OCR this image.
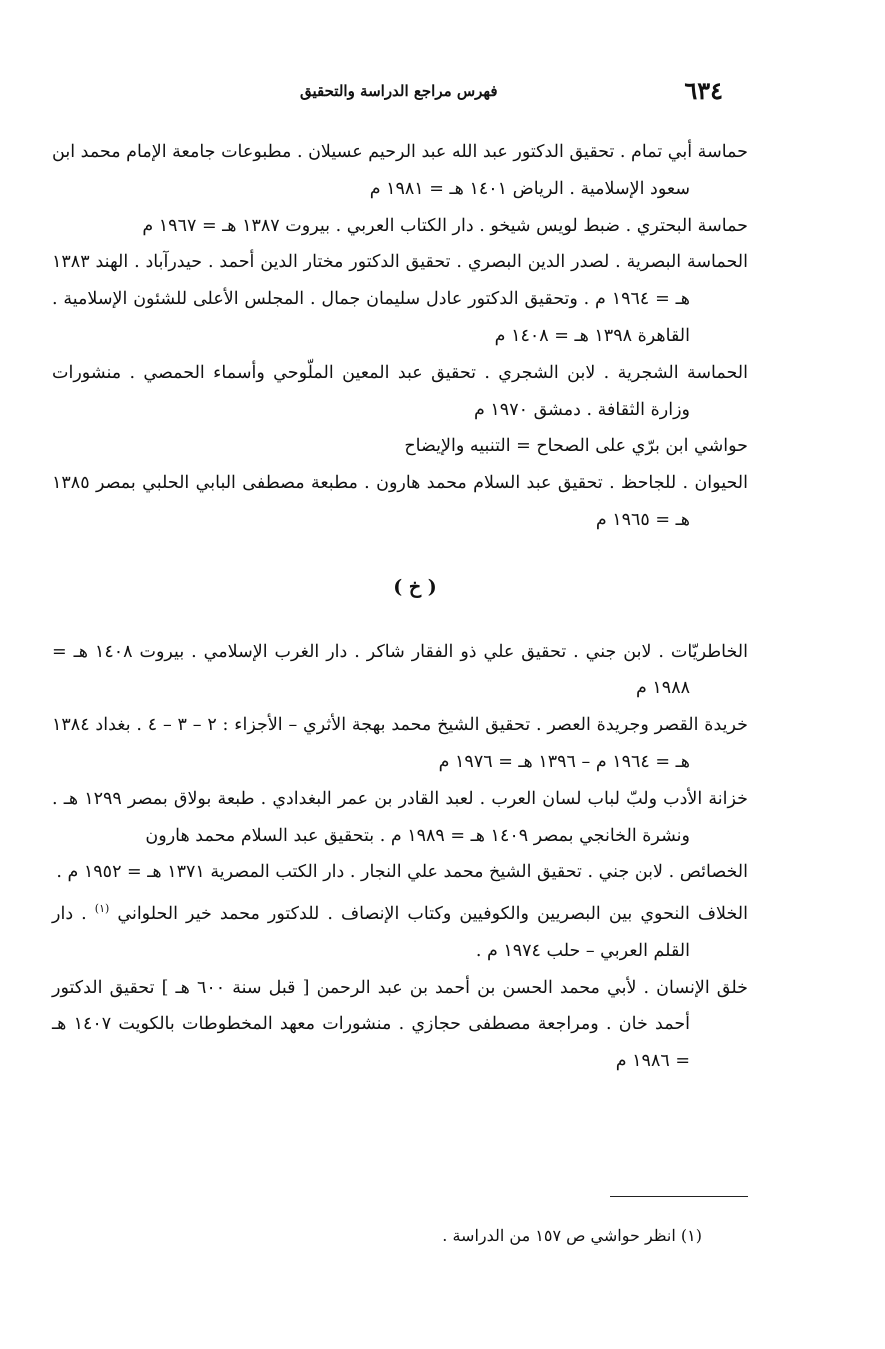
٦٣٤
فهرس مراجع الدراسة والتحقيق

حماسة أبي تمام . تحقيق الدكتور عبد الله عبد الرحيم عسيلان . مطبوعات جامعة الإمام محمد ابن سعود الإسلامية . الرياض ١٤٠١ هـ = ١٩٨١ م

حماسة البحتري . ضبط لويس شيخو . دار الكتاب العربي . بيروت ١٣٨٧ هـ = ١٩٦٧ م

الحماسة البصرية . لصدر الدين البصري . تحقيق الدكتور مختار الدين أحمد . حيدرآباد . الهند ١٣٨٣ هـ = ١٩٦٤ م . وتحقيق الدكتور عادل سليمان جمال . المجلس الأعلى للشئون الإسلامية . القاهرة ١٣٩٨ هـ = ١٤٠٨ م

الحماسة الشجرية . لابن الشجري . تحقيق عبد المعين الملّوحي وأسماء الحمصي . منشورات وزارة الثقافة . دمشق ١٩٧٠ م

حواشي ابن برّي على الصحاح = التنبيه والإيضاح

الحيوان . للجاحظ . تحقيق عبد السلام محمد هارون . مطبعة مصطفى البابي الحلبي بمصر ١٣٨٥ هـ = ١٩٦٥ م

( خ )

الخاطريّات . لابن جني . تحقيق علي ذو الفقار شاكر . دار الغرب الإسلامي . بيروت ١٤٠٨ هـ = ١٩٨٨ م

خريدة القصر وجريدة العصر . تحقيق الشيخ محمد بهجة الأثري – الأجزاء : ٢ – ٣ – ٤ . بغداد ١٣٨٤ هـ = ١٩٦٤ م – ١٣٩٦ هـ = ١٩٧٦ م

خزانة الأدب ولبّ لباب لسان العرب . لعبد القادر بن عمر البغدادي . طبعة بولاق بمصر ١٢٩٩ هـ . ونشرة الخانجي بمصر ١٤٠٩ هـ = ١٩٨٩ م . بتحقيق عبد السلام محمد هارون

الخصائص . لابن جني . تحقيق الشيخ محمد علي النجار . دار الكتب المصرية ١٣٧١ هـ = ١٩٥٢ م .

الخلاف النحوي بين البصريين والكوفيين وكتاب الإنصاف . للدكتور محمد خير الحلواني $^{(١)}$ . دار القلم العربي – حلب ١٩٧٤ م .

خلق الإنسان . لأبي محمد الحسن بن أحمد بن عبد الرحمن [ قبل سنة ٦٠٠ هـ ] تحقيق الدكتور أحمد خان . ومراجعة مصطفى حجازي . منشورات معهد المخطوطات بالكويت ١٤٠٧ هـ = ١٩٨٦ م

(١) انظر حواشي ص ١٥٧ من الدراسة .
